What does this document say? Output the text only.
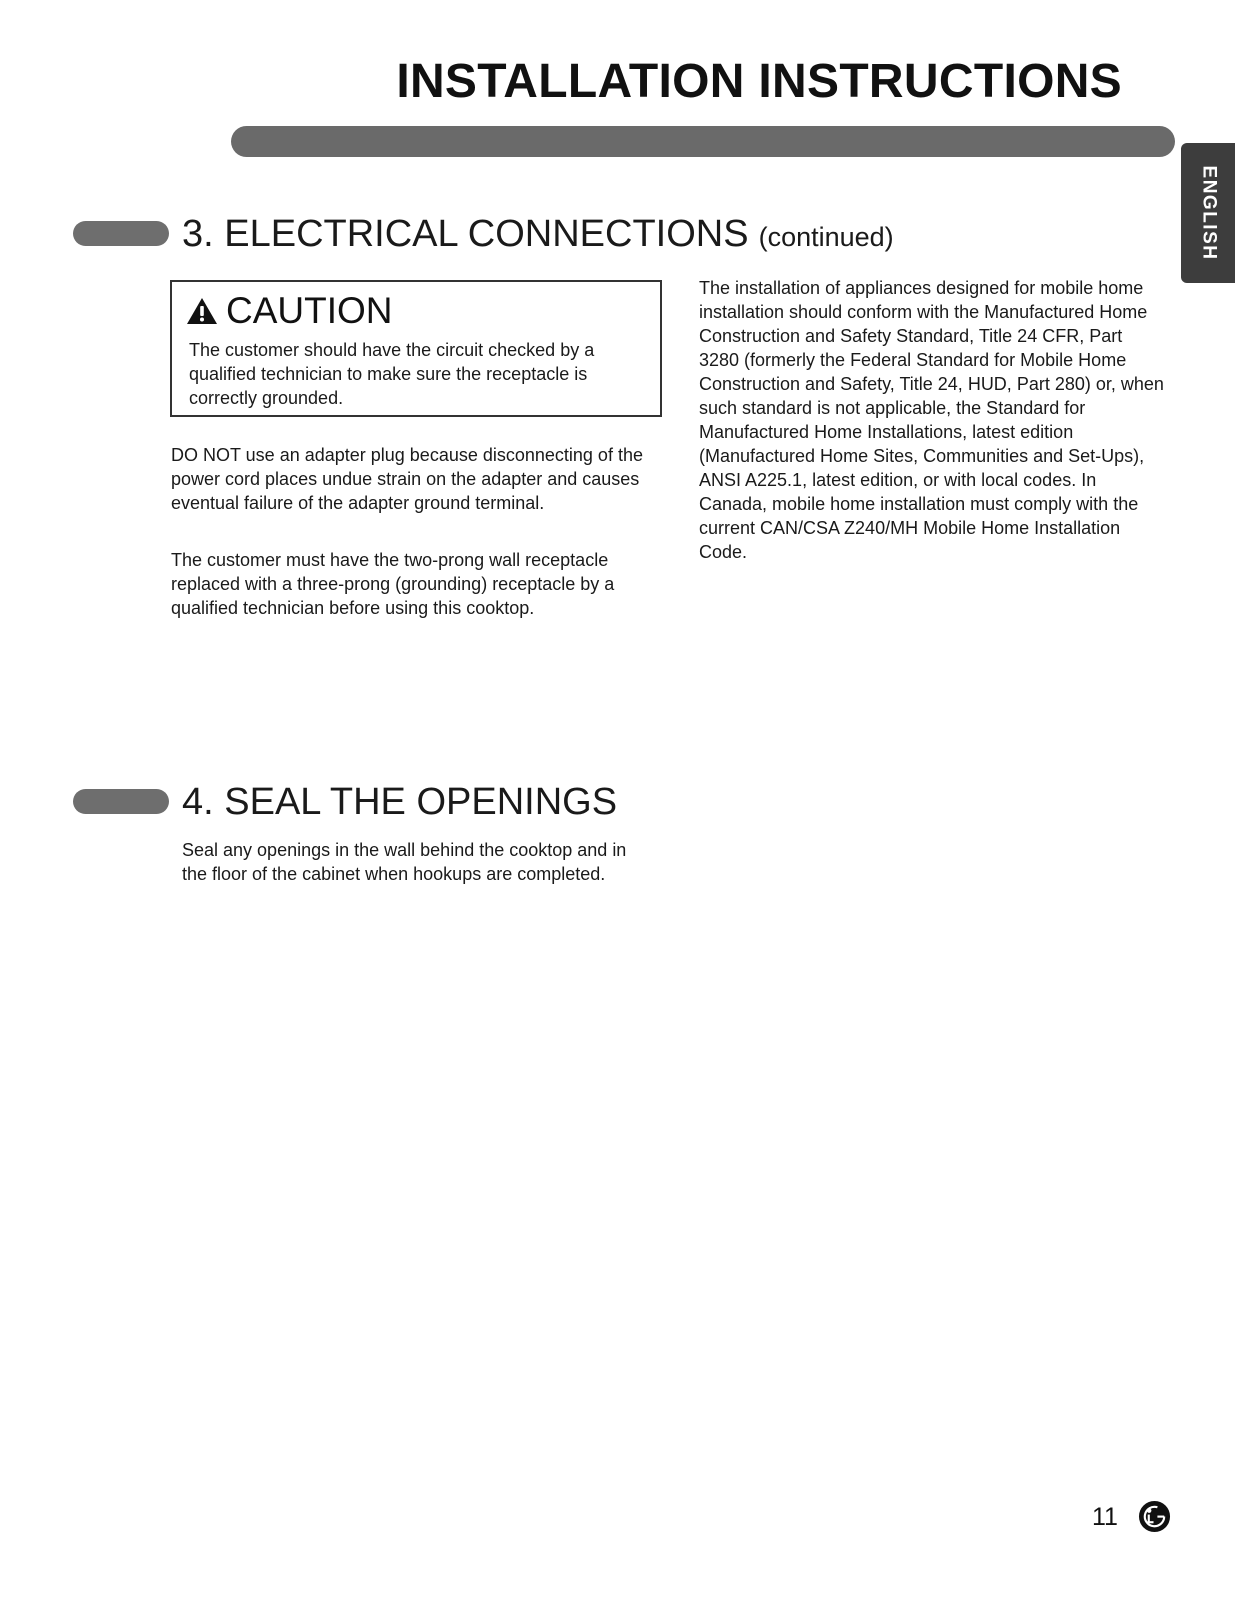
INSTALLATION INSTRUCTIONS
ENGLISH
3. ELECTRICAL CONNECTIONS (continued)
CAUTION
The customer should have the circuit checked by a qualified technician to make sure the receptacle is correctly grounded.
DO NOT use an adapter plug because disconnecting of the power cord places undue strain on the adapter and causes eventual failure of the adapter ground terminal.
The customer must have the two-prong wall receptacle replaced with a three-prong (grounding) receptacle by a qualified technician before using this cooktop.
The installation of appliances designed for mobile home installation should conform with the Manufactured Home Construction and Safety Standard, Title 24 CFR, Part 3280 (formerly the Federal Standard for Mobile Home Construction and Safety, Title 24, HUD, Part 280) or, when such standard is not applicable, the Standard for Manufactured Home Installations, latest edition (Manufactured Home Sites, Communities and Set-Ups), ANSI A225.1, latest edition, or with local codes. In Canada, mobile home installation must comply with the current CAN/CSA Z240/MH Mobile Home Installation Code.
4. SEAL THE OPENINGS
Seal any openings in the wall behind the cooktop and in the floor of the cabinet when hookups are completed.
11
